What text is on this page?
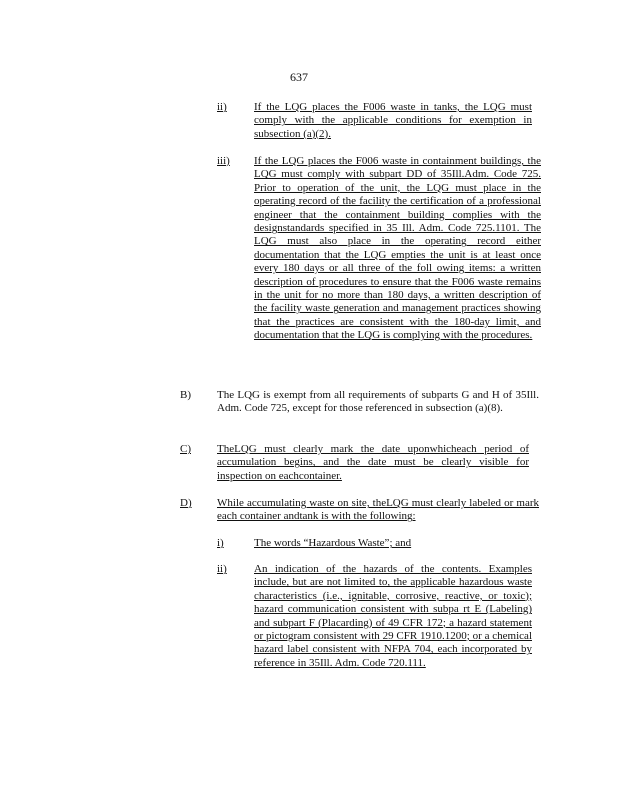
637
ii) If the LQG places the F006 waste in tanks, the LQG must comply with the applicable conditions for exemption in subsection (a)(2).
iii) If the LQG places the F006 waste in containment buildings, the LQG must comply with subpart DD of 35Ill.Adm. Code 725. Prior to operation of the unit, the LQG must place in the operating record of the facility the certification of a professional engineer that the containment building complies with the designstandards specified in 35 Ill. Adm. Code 725.1101. The LQG must also place in the operating record either documentation that the LQG empties the unit is at least once every 180 days or all three of the foll owing items: a written description of procedures to ensure that the F006 waste remains in the unit for no more than 180 days, a written description of the facility waste generation and management practices showing that the practices are consistent with the 180-day limit, and documentation that the LQG is complying with the procedures.
B) The LQG is exempt from all requirements of subparts G and H of 35Ill. Adm. Code 725, except for those referenced in subsection (a)(8).
C) TheLQG must clearly mark the date uponwhicheach period of accumulation begins, and the date must be clearly visible for inspection on eachcontainer.
D) While accumulating waste on site, theLQG must clearly labeled or mark each container andtank is with the following:
i)	The words “Hazardous Waste”; and
ii) An indication of the hazards of the contents. Examples include, but are not limited to, the applicable hazardous waste characteristics (i.e., ignitable, corrosive, reactive, or toxic); hazard communication consistent with subpa rt E (Labeling) and subpart F (Placarding) of 49 CFR 172; a hazard statement or pictogram consistent with 29 CFR 1910.1200; or a chemical hazard label consistent with NFPA 704, each incorporated by reference in 35Ill. Adm. Code 720.111.
